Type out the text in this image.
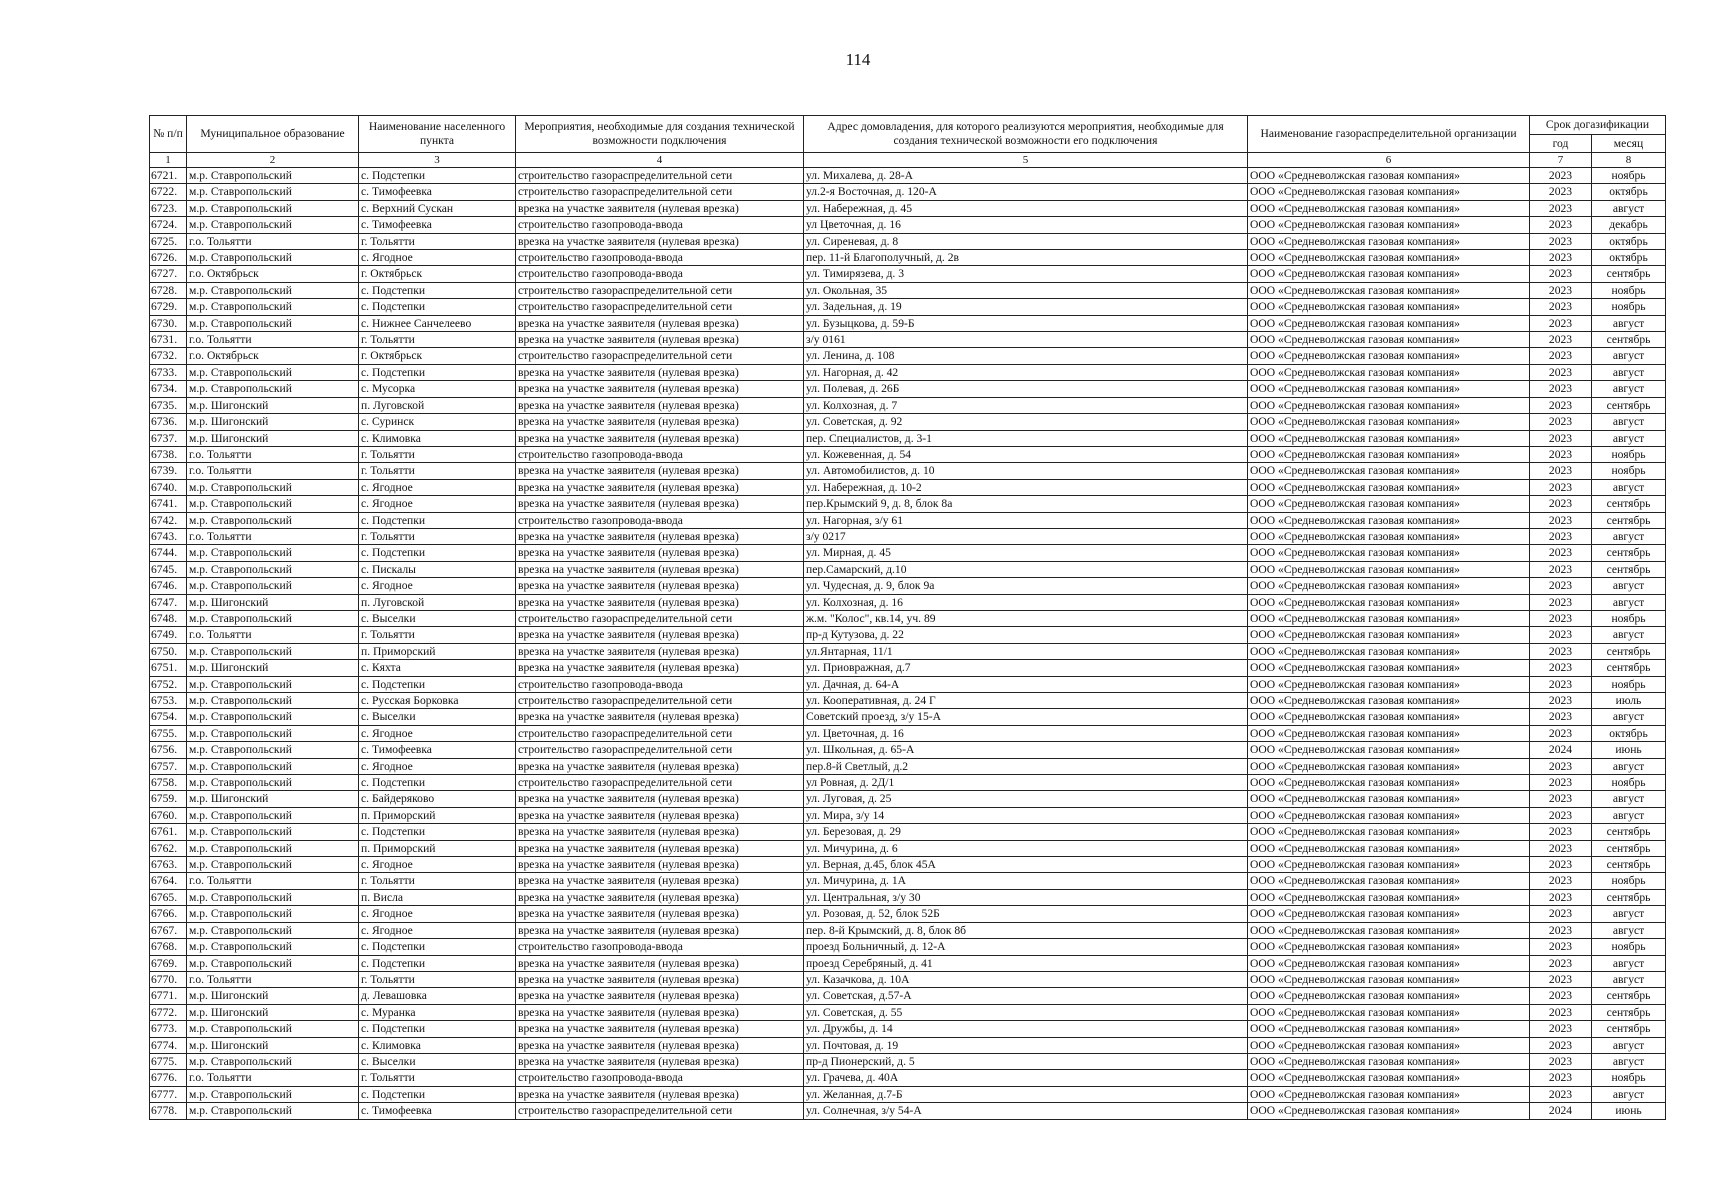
114
№ п/п	Муниципальное образование	Наименование населенного пункта	Мероприятия, необходимые для создания технической возможности подключения	Адрес домовладения, для которого реализуются мероприятия, необходимые для создания технической возможности его подключения	Наименование газораспределительной организации	Срок догазификации	
						год	месяц
1	2	3	4	5	6	7	8
6721.	м.р. Ставропольский	с. Подстепки	строительство газораспределительной сети	ул. Михалева, д. 28-А	ООО «Средневолжская газовая компания»	2023	ноябрь
6722.	м.р. Ставропольский	с. Тимофеевка	строительство газораспределительной сети	ул.2-я Восточная, д. 120-А	ООО «Средневолжская газовая компания»	2023	октябрь
6723.	м.р. Ставропольский	с. Верхний Сускан	врезка на участке заявителя (нулевая врезка)	ул. Набережная, д. 45	ООО «Средневолжская газовая компания»	2023	август
6724.	м.р. Ставропольский	с. Тимофеевка	строительство газопровода-ввода	ул Цветочная, д. 16	ООО «Средневолжская газовая компания»	2023	декабрь
6725.	г.о. Тольятти	г. Тольятти	врезка на участке заявителя (нулевая врезка)	ул. Сиреневая, д. 8	ООО «Средневолжская газовая компания»	2023	октябрь
6726.	м.р. Ставропольский	с. Ягодное	строительство газопровода-ввода	пер. 11-й Благополучный, д. 2в	ООО «Средневолжская газовая компания»	2023	октябрь
6727.	г.о. Октябрьск	г. Октябрьск	строительство газопровода-ввода	ул. Тимирязева, д. 3	ООО «Средневолжская газовая компания»	2023	сентябрь
6728.	м.р. Ставропольский	с. Подстепки	строительство газораспределительной сети	ул. Окольная, 35	ООО «Средневолжская газовая компания»	2023	ноябрь
6729.	м.р. Ставропольский	с. Подстепки	строительство газораспределительной сети	ул. Задельная, д. 19	ООО «Средневолжская газовая компания»	2023	ноябрь
6730.	м.р. Ставропольский	с. Нижнее Санчелеево	врезка на участке заявителя (нулевая врезка)	ул. Бузыцкова, д. 59-Б	ООО «Средневолжская газовая компания»	2023	август
6731.	г.о. Тольятти	г. Тольятти	врезка на участке заявителя (нулевая врезка)	з/у 0161	ООО «Средневолжская газовая компания»	2023	сентябрь
6732.	г.о. Октябрьск	г. Октябрьск	строительство газораспределительной сети	ул. Ленина, д. 108	ООО «Средневолжская газовая компания»	2023	август
6733.	м.р. Ставропольский	с. Подстепки	врезка на участке заявителя (нулевая врезка)	ул. Нагорная, д. 42	ООО «Средневолжская газовая компания»	2023	август
6734.	м.р. Ставропольский	с. Мусорка	врезка на участке заявителя (нулевая врезка)	ул. Полевая, д. 26Б	ООО «Средневолжская газовая компания»	2023	август
6735.	м.р. Шигонский	п. Луговской	врезка на участке заявителя (нулевая врезка)	ул. Колхозная, д. 7	ООО «Средневолжская газовая компания»	2023	сентябрь
6736.	м.р. Шигонский	с. Суринск	врезка на участке заявителя (нулевая врезка)	ул. Советская, д. 92	ООО «Средневолжская газовая компания»	2023	август
6737.	м.р. Шигонский	с. Климовка	врезка на участке заявителя (нулевая врезка)	пер. Специалистов, д. 3-1	ООО «Средневолжская газовая компания»	2023	август
6738.	г.о. Тольятти	г. Тольятти	строительство газопровода-ввода	ул. Кожевенная, д. 54	ООО «Средневолжская газовая компания»	2023	ноябрь
6739.	г.о. Тольятти	г. Тольятти	врезка на участке заявителя (нулевая врезка)	ул. Автомобилистов, д. 10	ООО «Средневолжская газовая компания»	2023	ноябрь
6740.	м.р. Ставропольский	с. Ягодное	врезка на участке заявителя (нулевая врезка)	ул. Набережная, д. 10-2	ООО «Средневолжская газовая компания»	2023	август
6741.	м.р. Ставропольский	с. Ягодное	врезка на участке заявителя (нулевая врезка)	пер.Крымский 9, д. 8, блок 8а	ООО «Средневолжская газовая компания»	2023	сентябрь
6742.	м.р. Ставропольский	с. Подстепки	строительство газопровода-ввода	ул. Нагорная, з/у 61	ООО «Средневолжская газовая компания»	2023	сентябрь
6743.	г.о. Тольятти	г. Тольятти	врезка на участке заявителя (нулевая врезка)	з/у 0217	ООО «Средневолжская газовая компания»	2023	август
6744.	м.р. Ставропольский	с. Подстепки	врезка на участке заявителя (нулевая врезка)	ул. Мирная, д. 45	ООО «Средневолжская газовая компания»	2023	сентябрь
6745.	м.р. Ставропольский	с. Пискалы	врезка на участке заявителя (нулевая врезка)	пер.Самарский, д.10	ООО «Средневолжская газовая компания»	2023	сентябрь
6746.	м.р. Ставропольский	с. Ягодное	врезка на участке заявителя (нулевая врезка)	ул. Чудесная, д. 9, блок 9а	ООО «Средневолжская газовая компания»	2023	август
6747.	м.р. Шигонский	п. Луговской	врезка на участке заявителя (нулевая врезка)	ул. Колхозная, д. 16	ООО «Средневолжская газовая компания»	2023	август
6748.	м.р. Ставропольский	с. Выселки	строительство газораспределительной сети	ж.м. "Колос", кв.14, уч. 89	ООО «Средневолжская газовая компания»	2023	ноябрь
6749.	г.о. Тольятти	г. Тольятти	врезка на участке заявителя (нулевая врезка)	пр-д Кутузова, д. 22	ООО «Средневолжская газовая компания»	2023	август
6750.	м.р. Ставропольский	п. Приморский	врезка на участке заявителя (нулевая врезка)	ул.Янтарная, 11/1	ООО «Средневолжская газовая компания»	2023	сентябрь
6751.	м.р. Шигонский	с. Кяхта	врезка на участке заявителя (нулевая врезка)	ул. Приовражная, д.7	ООО «Средневолжская газовая компания»	2023	сентябрь
6752.	м.р. Ставропольский	с. Подстепки	строительство газопровода-ввода	ул. Дачная, д. 64-А	ООО «Средневолжская газовая компания»	2023	ноябрь
6753.	м.р. Ставропольский	с. Русская Борковка	строительство газораспределительной сети	ул. Кооперативная, д. 24 Г	ООО «Средневолжская газовая компания»	2023	июль
6754.	м.р. Ставропольский	с. Выселки	врезка на участке заявителя (нулевая врезка)	Советский проезд, з/у 15-А	ООО «Средневолжская газовая компания»	2023	август
6755.	м.р. Ставропольский	с. Ягодное	строительство газораспределительной сети	ул. Цветочная, д. 16	ООО «Средневолжская газовая компания»	2023	октябрь
6756.	м.р. Ставропольский	с. Тимофеевка	строительство газораспределительной сети	ул. Школьная, д. 65-А	ООО «Средневолжская газовая компания»	2024	июнь
6757.	м.р. Ставропольский	с. Ягодное	врезка на участке заявителя (нулевая врезка)	пер.8-й Светлый, д.2	ООО «Средневолжская газовая компания»	2023	август
6758.	м.р. Ставропольский	с. Подстепки	строительство газораспределительной сети	ул Ровная, д. 2Д/1	ООО «Средневолжская газовая компания»	2023	ноябрь
6759.	м.р. Шигонский	с. Байдеряково	врезка на участке заявителя (нулевая врезка)	ул. Луговая, д. 25	ООО «Средневолжская газовая компания»	2023	август
6760.	м.р. Ставропольский	п. Приморский	врезка на участке заявителя (нулевая врезка)	ул. Мира, з/у 14	ООО «Средневолжская газовая компания»	2023	август
6761.	м.р. Ставропольский	с. Подстепки	врезка на участке заявителя (нулевая врезка)	ул. Березовая, д. 29	ООО «Средневолжская газовая компания»	2023	сентябрь
6762.	м.р. Ставропольский	п. Приморский	врезка на участке заявителя (нулевая врезка)	ул. Мичурина, д. 6	ООО «Средневолжская газовая компания»	2023	сентябрь
6763.	м.р. Ставропольский	с. Ягодное	врезка на участке заявителя (нулевая врезка)	ул. Верная, д.45, блок 45А	ООО «Средневолжская газовая компания»	2023	сентябрь
6764.	г.о. Тольятти	г. Тольятти	врезка на участке заявителя (нулевая врезка)	ул. Мичурина, д. 1А	ООО «Средневолжская газовая компания»	2023	ноябрь
6765.	м.р. Ставропольский	п. Висла	врезка на участке заявителя (нулевая врезка)	ул. Центральная, з/у 30	ООО «Средневолжская газовая компания»	2023	сентябрь
6766.	м.р. Ставропольский	с. Ягодное	врезка на участке заявителя (нулевая врезка)	ул. Розовая, д. 52, блок 52Б	ООО «Средневолжская газовая компания»	2023	август
6767.	м.р. Ставропольский	с. Ягодное	врезка на участке заявителя (нулевая врезка)	пер. 8-й Крымский, д. 8, блок 8б	ООО «Средневолжская газовая компания»	2023	август
6768.	м.р. Ставропольский	с. Подстепки	строительство газопровода-ввода	проезд Больничный, д. 12-А	ООО «Средневолжская газовая компания»	2023	ноябрь
6769.	м.р. Ставропольский	с. Подстепки	врезка на участке заявителя (нулевая врезка)	проезд Серебряный, д. 41	ООО «Средневолжская газовая компания»	2023	август
6770.	г.о. Тольятти	г. Тольятти	врезка на участке заявителя (нулевая врезка)	ул. Казачкова, д. 10А	ООО «Средневолжская газовая компания»	2023	август
6771.	м.р. Шигонский	д. Левашовка	врезка на участке заявителя (нулевая врезка)	ул. Советская, д.57-А	ООО «Средневолжская газовая компания»	2023	сентябрь
6772.	м.р. Шигонский	с. Муранка	врезка на участке заявителя (нулевая врезка)	ул. Советская, д. 55	ООО «Средневолжская газовая компания»	2023	сентябрь
6773.	м.р. Ставропольский	с. Подстепки	врезка на участке заявителя (нулевая врезка)	ул. Дружбы, д. 14	ООО «Средневолжская газовая компания»	2023	сентябрь
6774.	м.р. Шигонский	с. Климовка	врезка на участке заявителя (нулевая врезка)	ул. Почтовая, д. 19	ООО «Средневолжская газовая компания»	2023	август
6775.	м.р. Ставропольский	с. Выселки	врезка на участке заявителя (нулевая врезка)	пр-д Пионерский, д. 5	ООО «Средневолжская газовая компания»	2023	август
6776.	г.о. Тольятти	г. Тольятти	строительство газопровода-ввода	ул. Грачева, д. 40А	ООО «Средневолжская газовая компания»	2023	ноябрь
6777.	м.р. Ставропольский	с. Подстепки	врезка на участке заявителя (нулевая врезка)	ул. Желанная, д.7-Б	ООО «Средневолжская газовая компания»	2023	август
6778.	м.р. Ставропольский	с. Тимофеевка	строительство газораспределительной сети	ул. Солнечная, з/у 54-А	ООО «Средневолжская газовая компания»	2024	июнь
